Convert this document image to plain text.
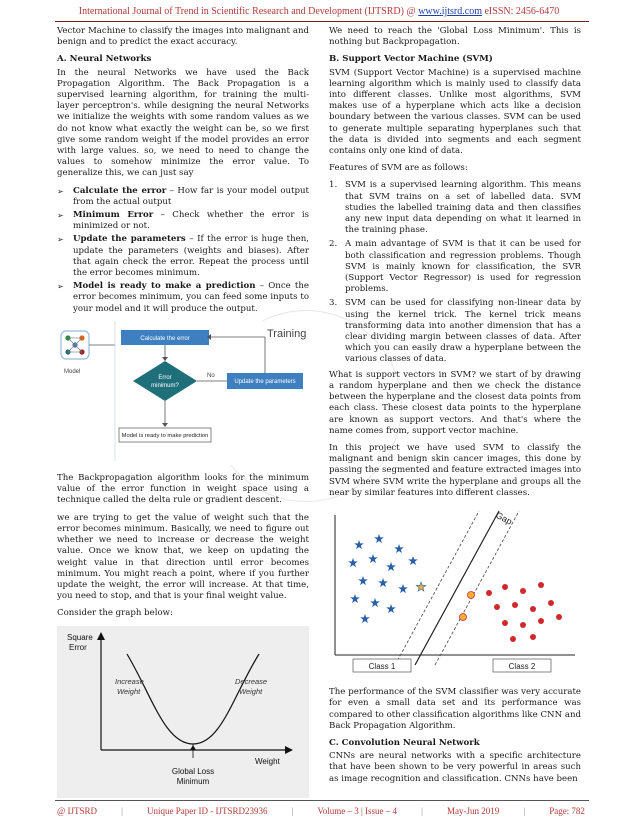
International Journal of Trend in Scientific Research and Development (IJTSRD) @ www.ijtsrd.com eISSN: 2456-6470

Vector Machine to classify the images into malignant and benign and to predict the exact accuracy.

A. Neural Networks

In the neural Networks we have used the Back Propagation Algorithm. The Back Propagation is a supervised learning algorithm, for training the multi-layer perceptron's. while designing the neural Networks we initialize the weights with some random values as we do not know what exactly the weight can be, so we first give some random weight if the model provides an error with large values. so, we need to need to change the values to somehow minimize the error value. To generalize this, we can just say

➢ Calculate the error – How far is your model output from the actual output
➢ Minimum Error – Check whether the error is minimized or not.
➢ Update the parameters – If the error is huge then, update the parameters (weights and biases). After that again check the error. Repeat the process until the error becomes minimum.
➢ Model is ready to make a prediction – Once the error becomes minimum, you can feed some inputs to your model and it will produce the output.
Model
Training
Calculate the error
Error
minimum?
No
Update the parameters
Model is ready to make prediction

The Backpropagation algorithm looks for the minimum value of the error function in weight space using a technique called the delta rule or gradient descent.

we are trying to get the value of weight such that the error becomes minimum. Basically, we need to figure out whether we need to increase or decrease the weight value. Once we know that, we keep on updating the weight value in that direction until error becomes minimum. You might reach a point, where if you further update the weight, the error will increase. At that time, you need to stop, and that is your final weight value.

Consider the graph below:

Square
Error
Increase
Weight
Decrease
Weight
Weight
Global Loss
Minimum

We need to reach the 'Global Loss Minimum'. This is nothing but Backpropagation.

B. Support Vector Machine (SVM)

SVM (Support Vector Machine) is a supervised machine learning algorithm which is mainly used to classify data into different classes. Unlike most algorithms, SVM makes use of a hyperplane which acts like a decision boundary between the various classes. SVM can be used to generate multiple separating hyperplanes such that the data is divided into segments and each segment contains only one kind of data.

Features of SVM are as follows:

1. SVM is a supervised learning algorithm. This means that SVM trains on a set of labelled data. SVM studies the labelled training data and then classifies any new input data depending on what it learned in the training phase.
2. A main advantage of SVM is that it can be used for both classification and regression problems. Though SVM is mainly known for classification, the SVR (Support Vector Regressor) is used for regression problems.
3. SVM can be used for classifying non-linear data by using the kernel trick. The kernel trick means transforming data into another dimension that has a clear dividing margin between classes of data. After which you can easily draw a hyperplane between the various classes of data.

What is support vectors in SVM? we start of by drawing a random hyperplane and then we check the distance between the hyperplane and the closest data points from each class. These closest data points to the hyperplane are known as support vectors. And that's where the name comes from, support vector machine.

In this project we have used SVM to classify the malignant and benign skin cancer images, this done by passing the segmented and feature extracted images into SVM where SVM write the hyperplane and groups all the near by similar features into different classes.

Gap
Class 1	Class 2

The performance of the SVM classifier was very accurate for even a small data set and its performance was compared to other classification algorithms like CNN and Back Propagation Algorithm.

C. Convolution Neural Network

CNNs are neural networks with a specific architecture that have been shown to be very powerful in areas such as image recognition and classification. CNNs have been

@ IJTSRD	|	Unique Paper ID - IJTSRD23936	|	Volume – 3 | Issue – 4	|	May-Jun 2019	|	Page: 782
